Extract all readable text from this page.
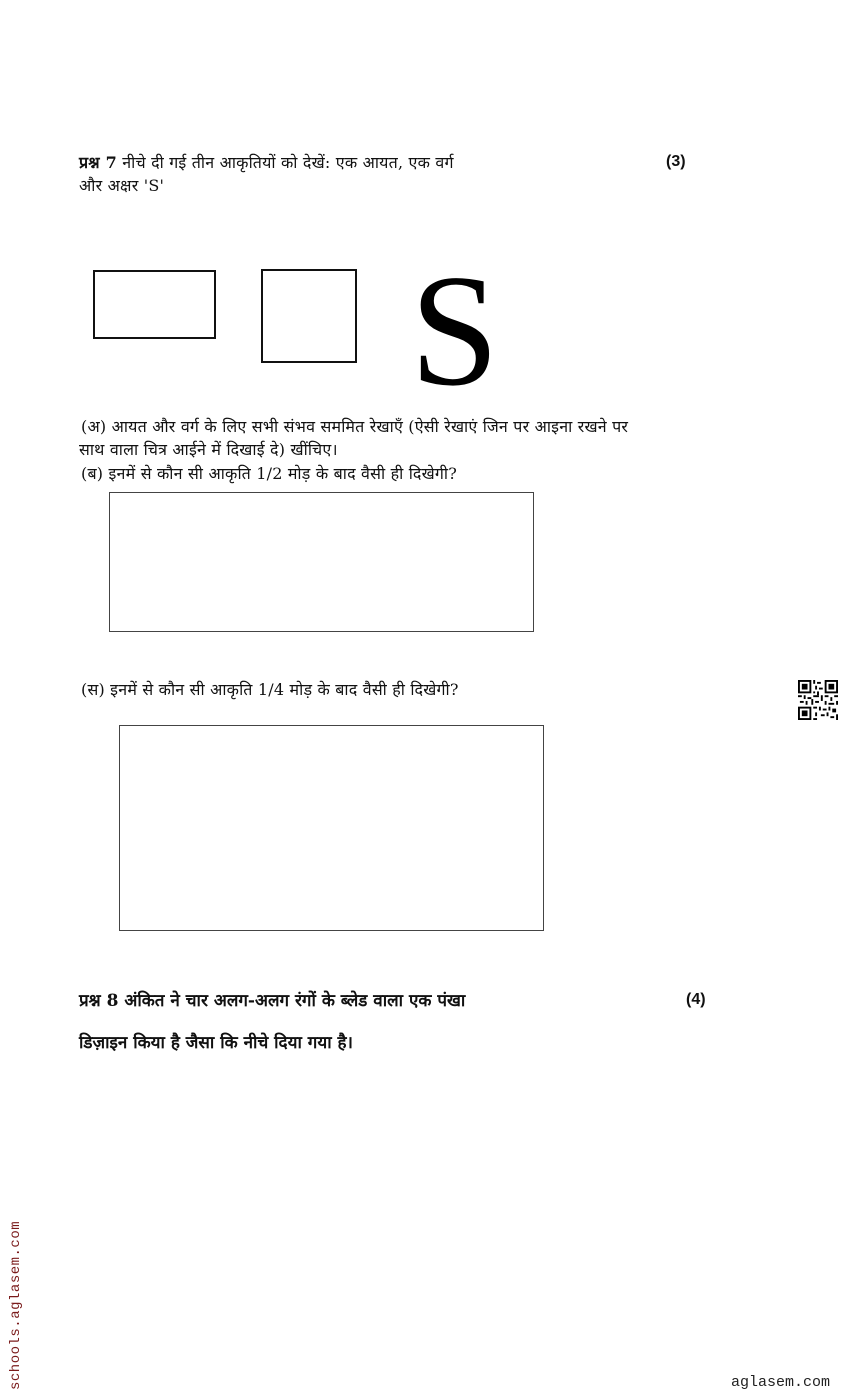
प्रश्न 7 नीचे दी गई तीन आकृतियों को देखें: एक आयत, एक वर्ग
और अक्षर 'S'
(3)
S
(अ) आयत और वर्ग के लिए सभी संभव सममित रेखाएँ (ऐसी रेखाएं जिन पर आइना रखने पर
साथ वाला चित्र आईने में दिखाई दे) खींचिए।
(ब) इनमें से कौन सी आकृति 1/2 मोड़ के बाद वैसी ही दिखेगी?
(स) इनमें से कौन सी आकृति 1/4 मोड़ के बाद वैसी ही दिखेगी?
प्रश्न 8 अंकित ने चार अलग-अलग रंगों के ब्लेड वाला एक पंखा	(4)
डिज़ाइन किया है जैसा कि नीचे दिया गया है।
schools.aglasem.com	aglasem.com
